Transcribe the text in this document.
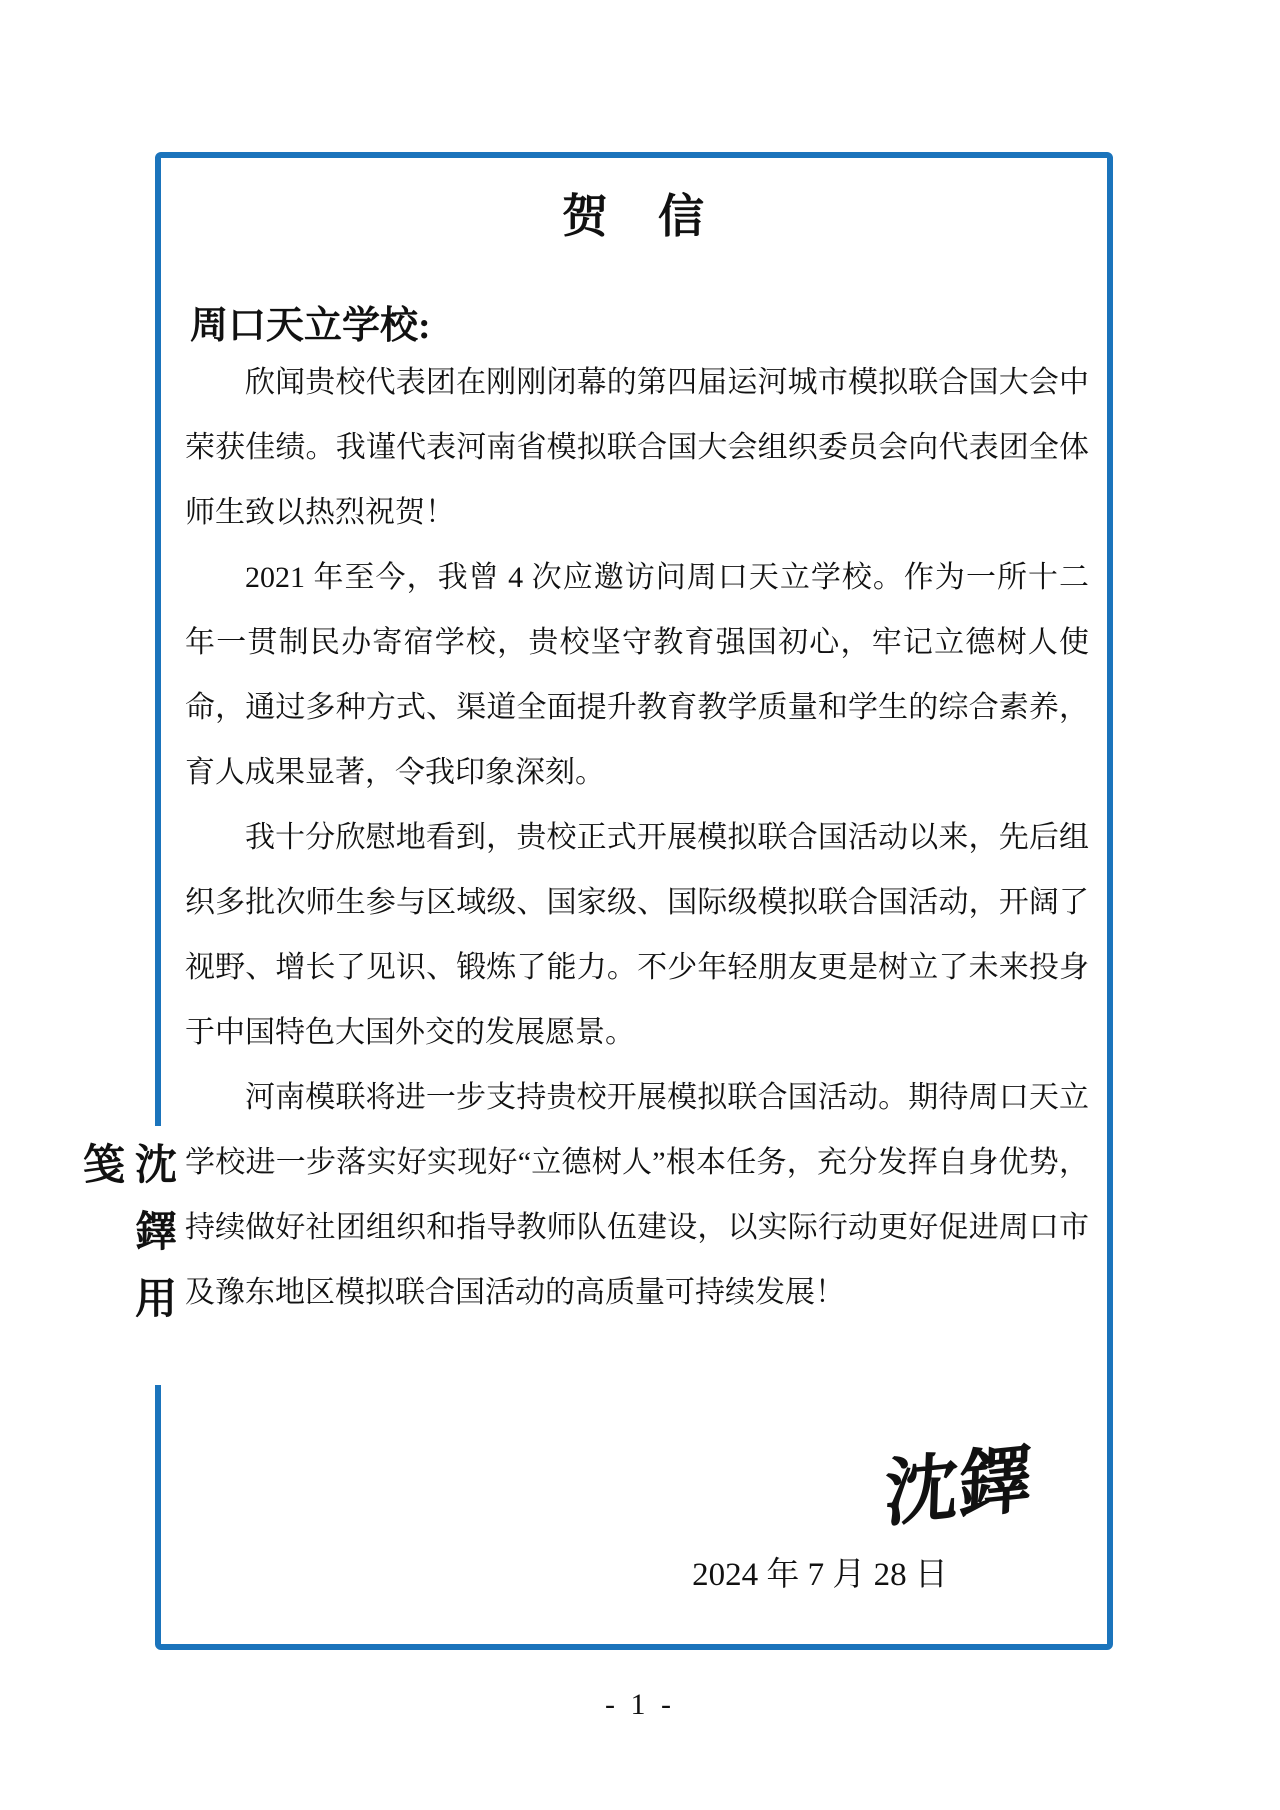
贺　信
周口天立学校:

欣闻贵校代表团在刚刚闭幕的第四届运河城市模拟联合国大会中荣获佳绩。我谨代表河南省模拟联合国大会组织委员会向代表团全体师生致以热烈祝贺！

2021 年至今，我曾 4 次应邀访问周口天立学校。作为一所十二年一贯制民办寄宿学校，贵校坚守教育强国初心，牢记立德树人使命，通过多种方式、渠道全面提升教育教学质量和学生的综合素养，育人成果显著，令我印象深刻。

我十分欣慰地看到，贵校正式开展模拟联合国活动以来，先后组织多批次师生参与区域级、国家级、国际级模拟联合国活动，开阔了视野、增长了见识、锻炼了能力。不少年轻朋友更是树立了未来投身于中国特色大国外交的发展愿景。

河南模联将进一步支持贵校开展模拟联合国活动。期待周口天立学校进一步落实好实现好“立德树人”根本任务，充分发挥自身优势，持续做好社团组织和指导教师队伍建设，以实际行动更好促进周口市及豫东地区模拟联合国活动的高质量可持续发展！

沈鐸
2024 年 7 月 28 日
沈鐸用笺
- 1 -
